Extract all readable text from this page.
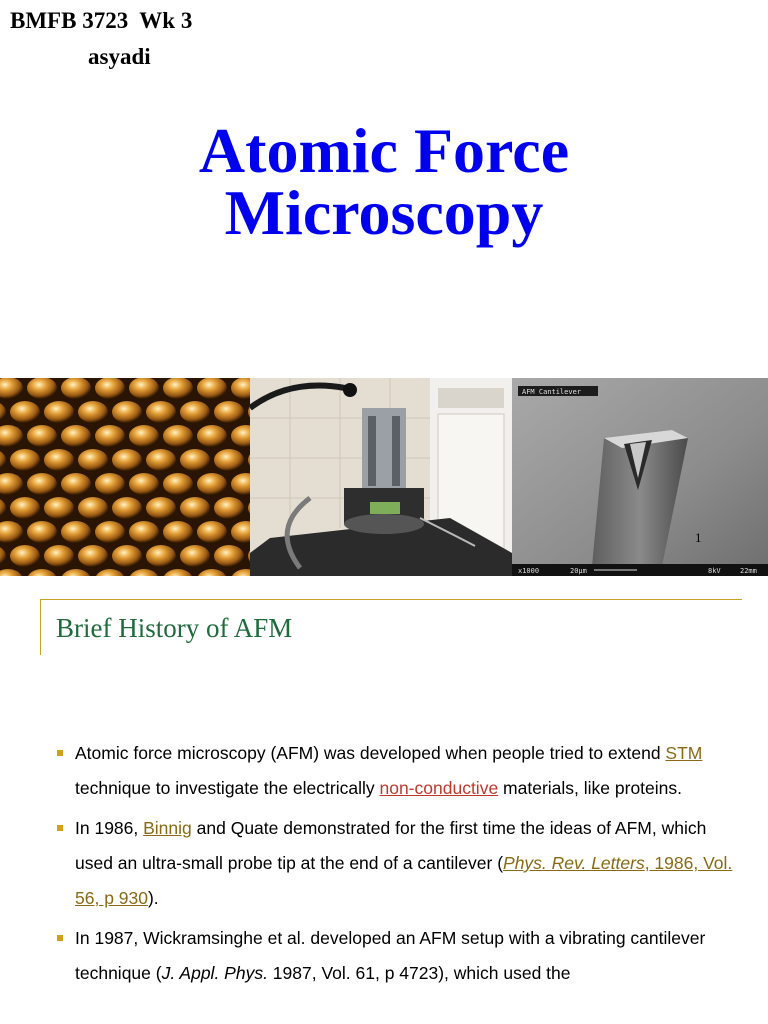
BMFB 3723  Wk 3
asyadi
Atomic Force
Microscopy
AFM Cantilever
x1000	20µm	8kV	22mm
1
Brief History of AFM
Atomic force microscopy (AFM) was developed when people tried to extend STM technique to investigate the electrically non-conductive materials, like proteins.
In 1986, Binnig and Quate demonstrated for the first time the ideas of AFM, which used an ultra-small probe tip at the end of a cantilever (Phys. Rev. Letters, 1986, Vol. 56, p 930).
In 1987, Wickramsinghe et al. developed an AFM setup with a vibrating cantilever technique (J. Appl. Phys. 1987, Vol. 61, p 4723), which used the
